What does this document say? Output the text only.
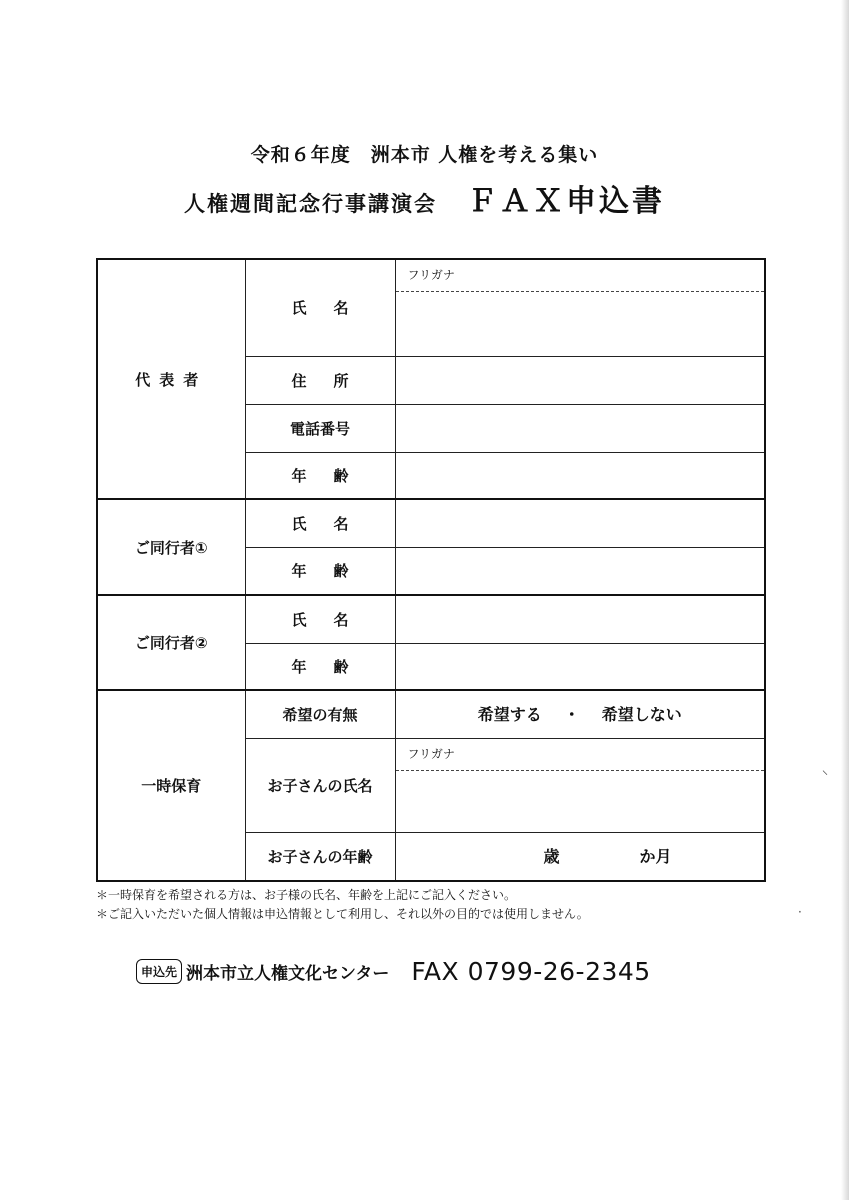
令和６年度　洲本市 人権を考える集い
人権週間記念行事講演会 ＦＡＸ申込書
代表者	氏名	フリガナ

	住所	
	電話番号	
	年齢	
ご同行者①	氏名	
	年齢	
ご同行者②	氏名	
	年齢	
一時保育	希望の有無	希望する ・ 希望しない

	お子さんの氏名	フリガナ

	お子さんの年齢	歳 か月
＊一時保育を希望される方は、お子様の氏名、年齢を上記にご記入ください。
＊ご記入いただいた個人情報は申込情報として利用し、それ以外の目的では使用しません。
申込先 洲本市立人権文化センター FAX 0799-26-2345
⸌
·
